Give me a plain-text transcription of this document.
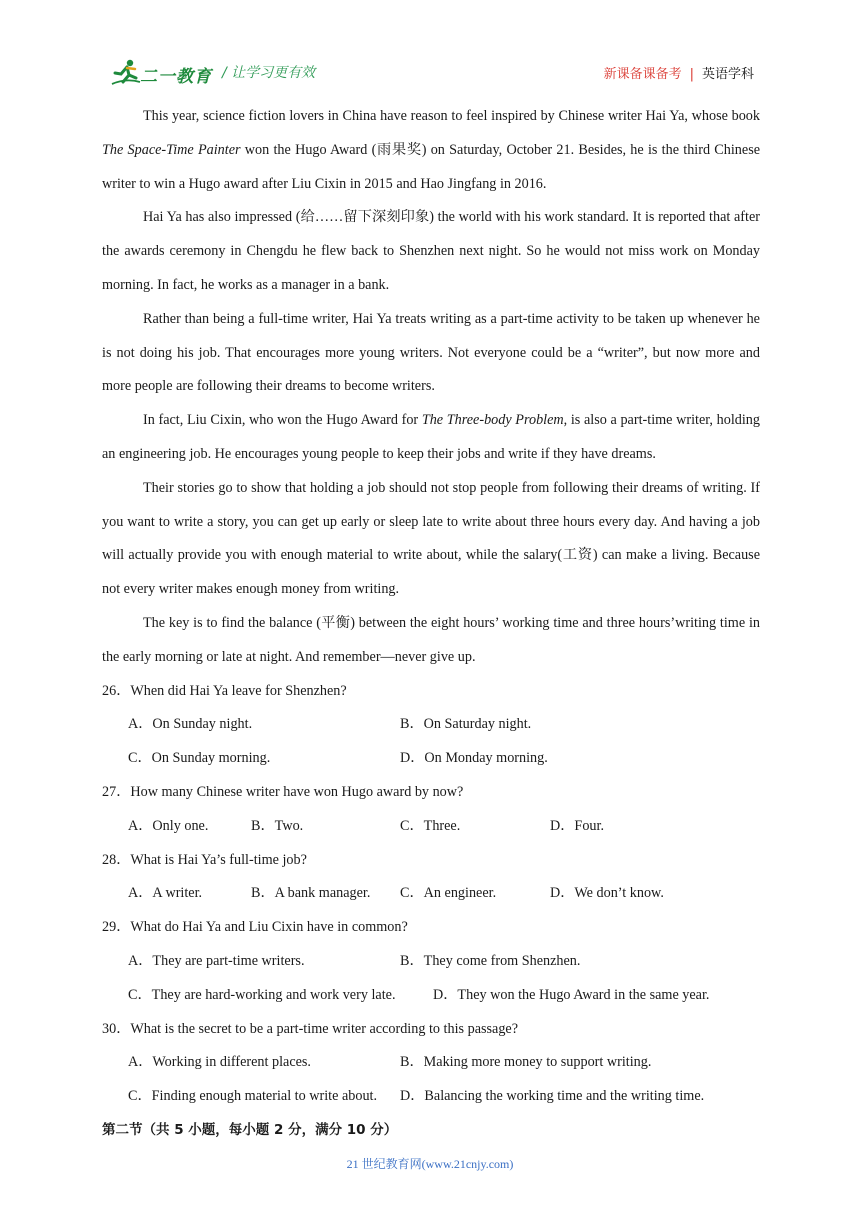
二一教育 / 让学习更有效	新课备课备考 | 英语学科

This year, science fiction lovers in China have reason to feel inspired by Chinese writer Hai Ya, whose book The Space-Time Painter won the Hugo Award (雨果奖) on Saturday, October 21. Besides, he is the third Chinese writer to win a Hugo award after Liu Cixin in 2015 and Hao Jingfang in 2016.

Hai Ya has also impressed (给……留下深刻印象) the world with his work standard. It is reported that after the awards ceremony in Chengdu he flew back to Shenzhen next night. So he would not miss work on Monday morning. In fact, he works as a manager in a bank.

Rather than being a full-time writer, Hai Ya treats writing as a part-time activity to be taken up whenever he is not doing his job. That encourages more young writers. Not everyone could be a “writer”, but now more and more people are following their dreams to become writers.

In fact, Liu Cixin, who won the Hugo Award for The Three-body Problem, is also a part-time writer, holding an engineering job. He encourages young people to keep their jobs and write if they have dreams.

Their stories go to show that holding a job should not stop people from following their dreams of writing. If you want to write a story, you can get up early or sleep late to write about three hours every day. And having a job will actually provide you with enough material to write about, while the salary(工资) can make a living. Because not every writer makes enough money from writing.

The key is to find the balance (平衡) between the eight hours’ working time and three hours’writing time in the early morning or late at night. And remember—never give up.

26．When did Hai Ya leave for Shenzhen?

A．On Sunday night.	B．On Saturday night.
C．On Sunday morning.	D．On Monday morning.

27．How many Chinese writer have won Hugo award by now?

A．Only one.	B．Two.	C．Three.	D．Four.

28．What is Hai Ya’s full-time job?

A．A writer.	B．A bank manager. C．An engineer.	D．We don’t know.

29．What do Hai Ya and Liu Cixin have in common?

A．They are part-time writers.	B．They come from Shenzhen.
C．They are hard-working and work very late.	D．They won the Hugo Award in the same year.

30．What is the secret to be a part-time writer according to this passage?

A．Working in different places.	B．Making more money to support writing.
C．Finding enough material to write about. D．Balancing the working time and the writing time.

第二节（共 5 小题，每小题 2 分，满分 10 分）

21 世纪教育网(www.21cnjy.com)
